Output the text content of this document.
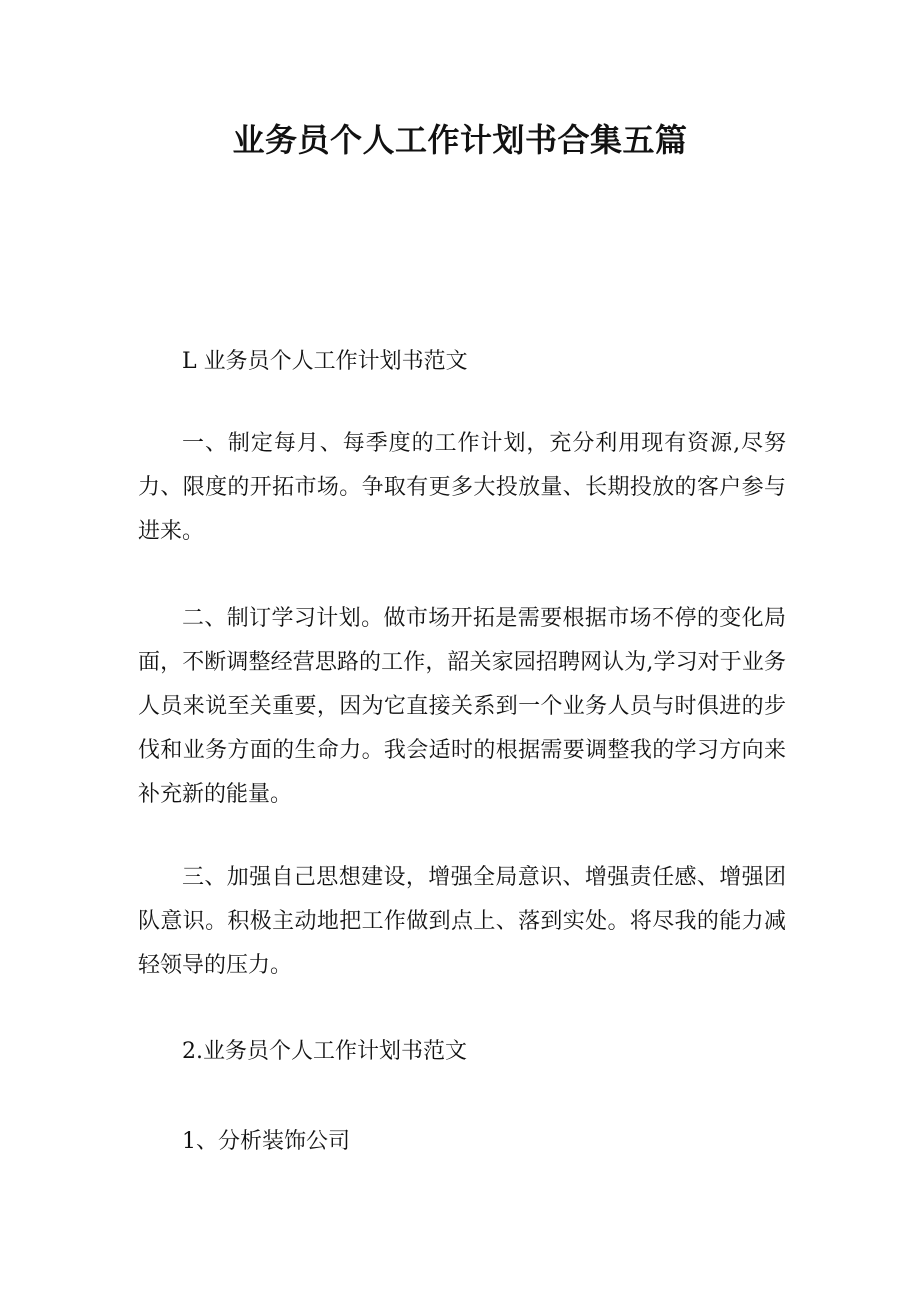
业务员个人工作计划书合集五篇

L 业务员个人工作计划书范文

一、制定每月、每季度的工作计划，充分利用现有资源,尽努力、限度的开拓市场。争取有更多大投放量、长期投放的客户参与进来。

二、制订学习计划。做市场开拓是需要根据市场不停的变化局面，不断调整经营思路的工作，韶关家园招聘网认为,学习对于业务人员来说至关重要，因为它直接关系到一个业务人员与时俱进的步伐和业务方面的生命力。我会适时的根据需要调整我的学习方向来补充新的能量。

三、加强自己思想建设，增强全局意识、增强责任感、增强团队意识。积极主动地把工作做到点上、落到实处。将尽我的能力减轻领导的压力。

2.业务员个人工作计划书范文

1、分析装饰公司
